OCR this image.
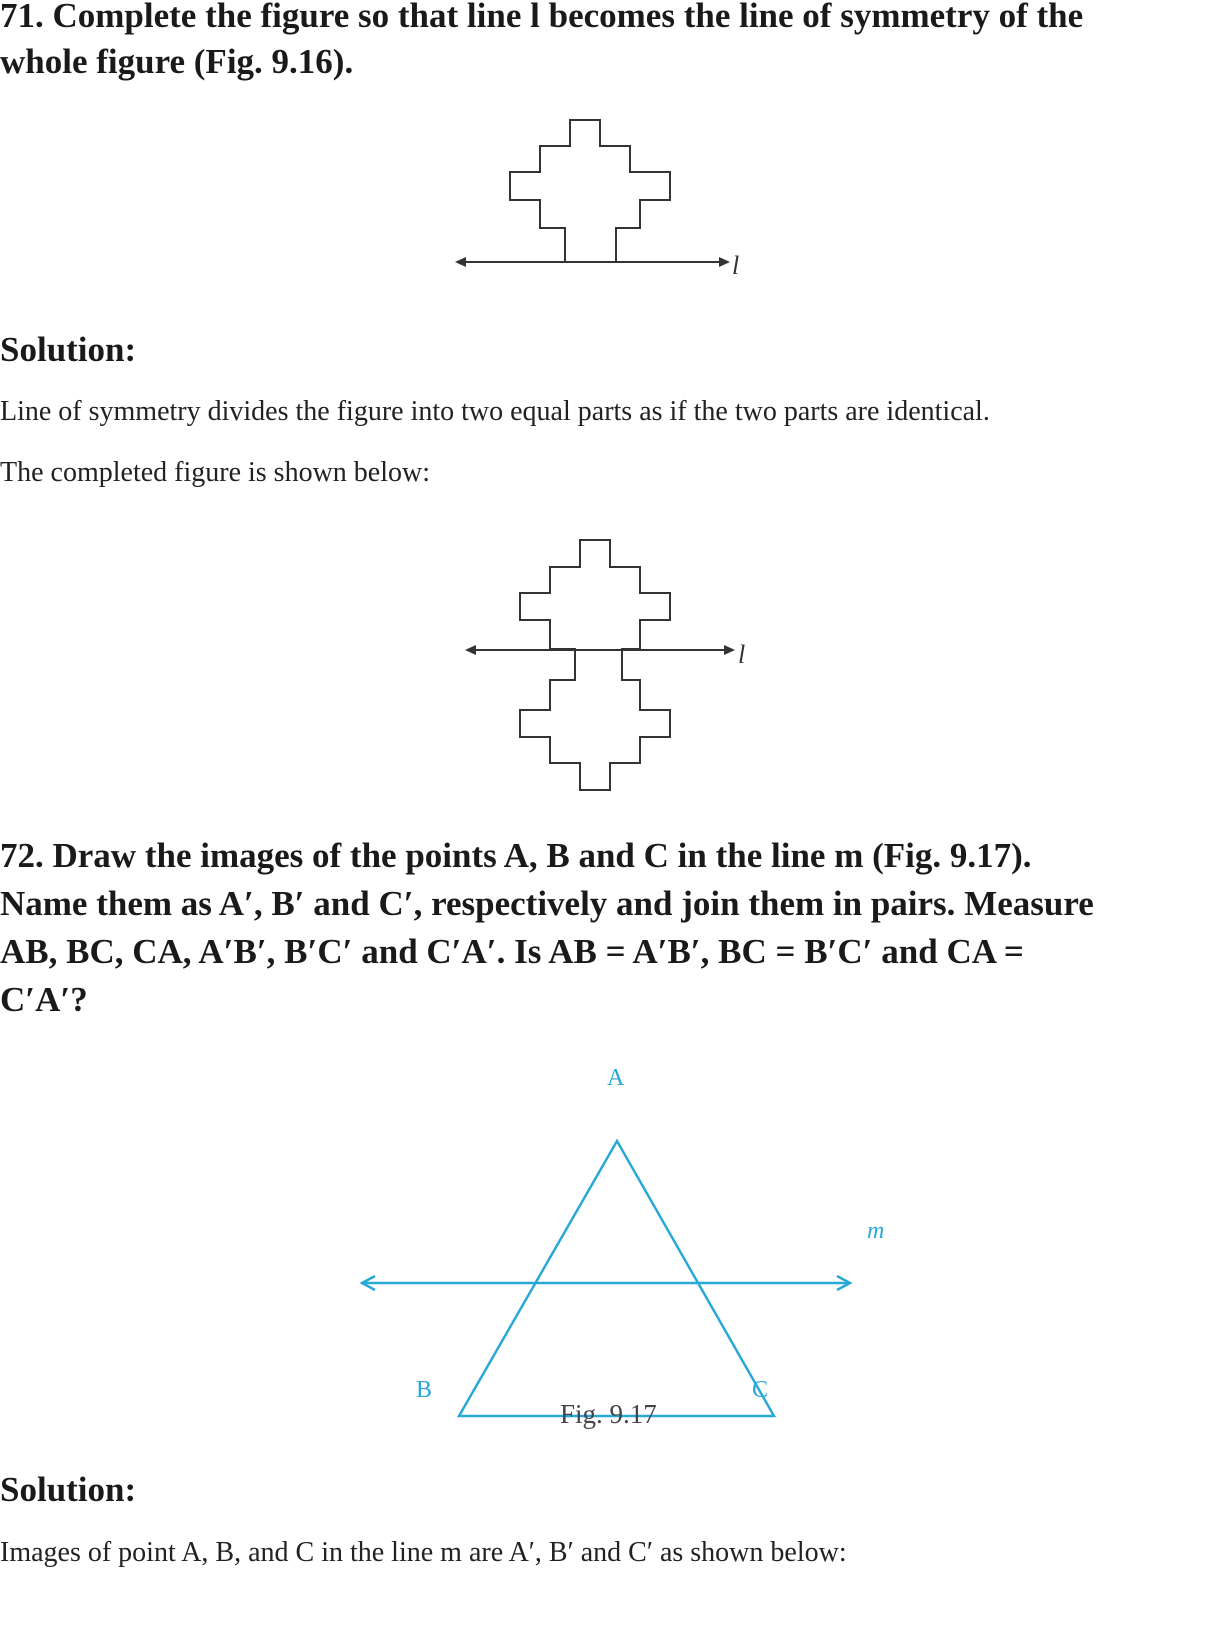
71. Complete the figure so that line l becomes the line of symmetry of the
whole figure (Fig. 9.16).
l
Solution:

Line of symmetry divides the figure into two equal parts as if the two parts are identical.

The completed figure is shown below:

l
72. Draw the images of the points A, B and C in the line m (Fig. 9.17).
Name them as A′, B′ and C′, respectively and join them in pairs. Measure
AB, BC, CA, A′B′, B′C′ and C′A′. Is AB = A′B′, BC = B′C′ and CA =
C′A′?
A
B	C
m
Fig. 9.17
Solution:

Images of point A, B, and C in the line m are A′, B′ and C′ as shown below:
